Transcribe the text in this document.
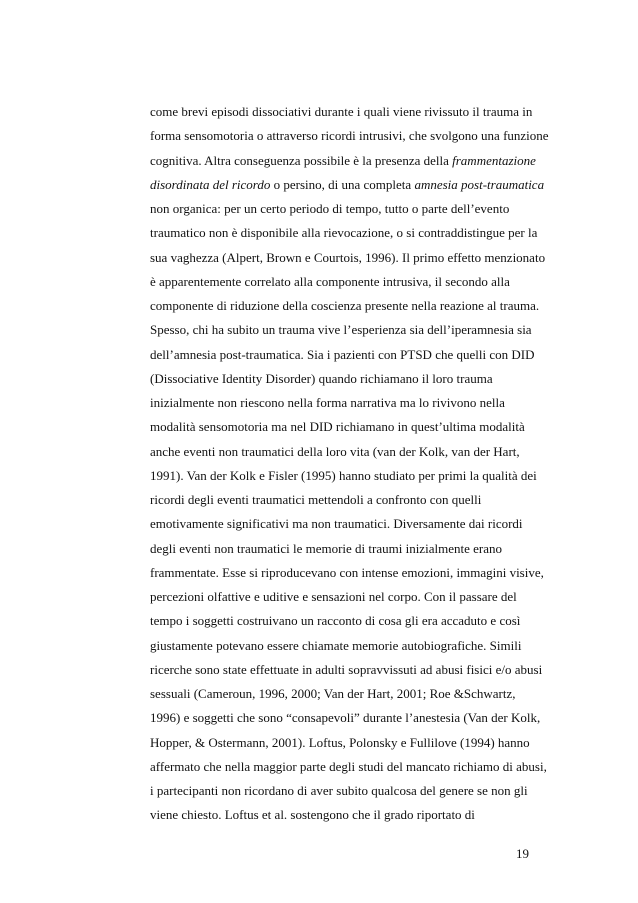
come brevi episodi dissociativi durante i quali viene rivissuto il trauma in
forma sensomotoria o attraverso ricordi intrusivi, che svolgono una funzione
cognitiva. Altra conseguenza possibile è la presenza della frammentazione
disordinata del ricordo o persino, di una completa amnesia post-traumatica
non organica: per un certo periodo di tempo, tutto o parte dell’evento
traumatico non è disponibile alla rievocazione, o si contraddistingue per la
sua vaghezza (Alpert, Brown e Courtois, 1996). Il primo effetto menzionato
è apparentemente correlato alla componente intrusiva, il secondo alla
componente di riduzione della coscienza presente nella reazione al trauma.
Spesso, chi ha subito un trauma vive l’esperienza sia dell’iperamnesia sia
dell’amnesia post-traumatica. Sia i pazienti con PTSD che quelli con DID
(Dissociative Identity Disorder) quando richiamano il loro trauma
inizialmente non riescono nella forma narrativa ma lo rivivono nella
modalità sensomotoria ma nel DID richiamano in quest’ultima modalità
anche eventi non traumatici della loro vita (van der Kolk, van der Hart,
1991). Van der Kolk e Fisler (1995) hanno studiato per primi la qualità dei
ricordi degli eventi traumatici mettendoli a confronto con quelli
emotivamente significativi ma non traumatici. Diversamente dai ricordi
degli eventi non traumatici le memorie di traumi inizialmente erano
frammentate. Esse si riproducevano con intense emozioni, immagini visive,
percezioni olfattive e uditive e sensazioni nel corpo. Con il passare del
tempo i soggetti costruivano un racconto di cosa gli era accaduto e così
giustamente potevano essere chiamate memorie autobiografiche. Simili
ricerche sono state effettuate in adulti sopravvissuti ad abusi fisici e/o abusi
sessuali (Cameroun, 1996, 2000; Van der Hart, 2001; Roe &Schwartz,
1996) e soggetti che sono “consapevoli” durante l’anestesia (Van der Kolk,
Hopper, & Ostermann, 2001). Loftus, Polonsky e Fullilove (1994) hanno
affermato che nella maggior parte degli studi del mancato richiamo di abusi,
i partecipanti non ricordano di aver subito qualcosa del genere se non gli
viene chiesto. Loftus et al. sostengono che il grado riportato di
19
